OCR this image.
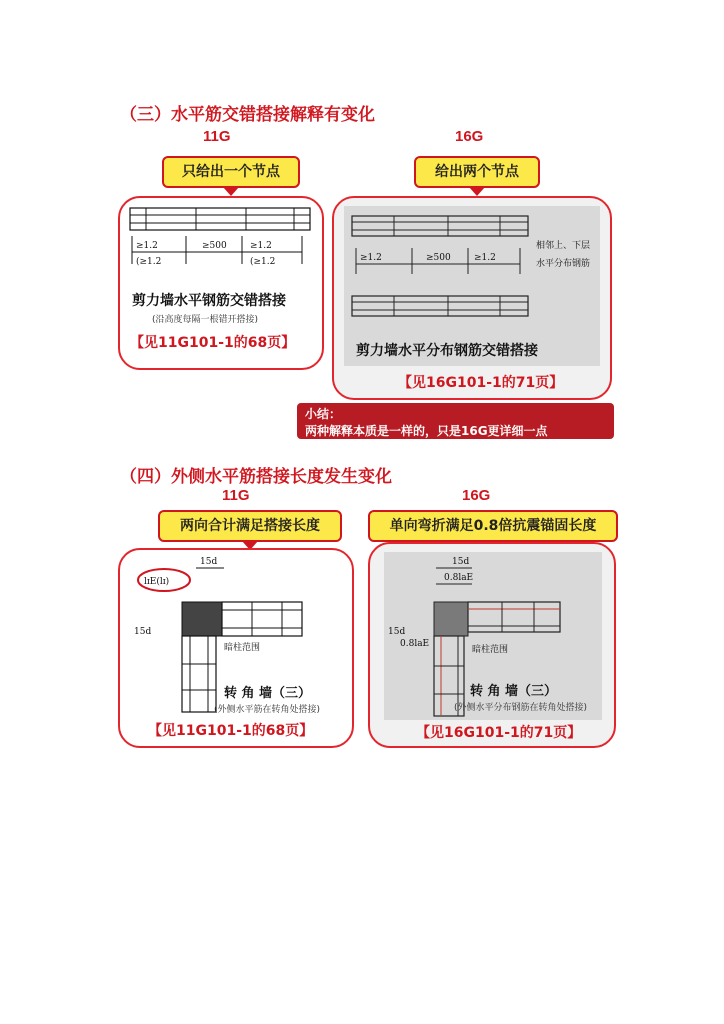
（三）水平筋交错搭接解释有变化
11G	16G
只给出一个节点	给出两个节点
≥1.2	≥500	≥1.2
(≥1.2	(≥1.2
剪力墙水平钢筋交错搭接
(沿高度每隔一根错开搭接)
【见11G101-1的68页】
≥1.2	≥500	≥1.2
相邻上、下层
水平分布钢筋
剪力墙水平分布钢筋交错搭接
【见16G101-1的71页】
小结：
两种解释本质是一样的，只是16G更详细一点
（四）外侧水平筋搭接长度发生变化
11G	16G
两向合计满足搭接长度	单向弯折满足0.8倍抗震锚固长度
lɪE(lɪ)
15d
15d
暗柱范围
转 角 墙（三）
(外侧水平筋在转角处搭接)
【见11G101-1的68页】
15d
0.8laE
15d
0.8laE
暗柱范围
转 角 墙（三）
(外侧水平分布钢筋在转角处搭接)
【见16G101-1的71页】
